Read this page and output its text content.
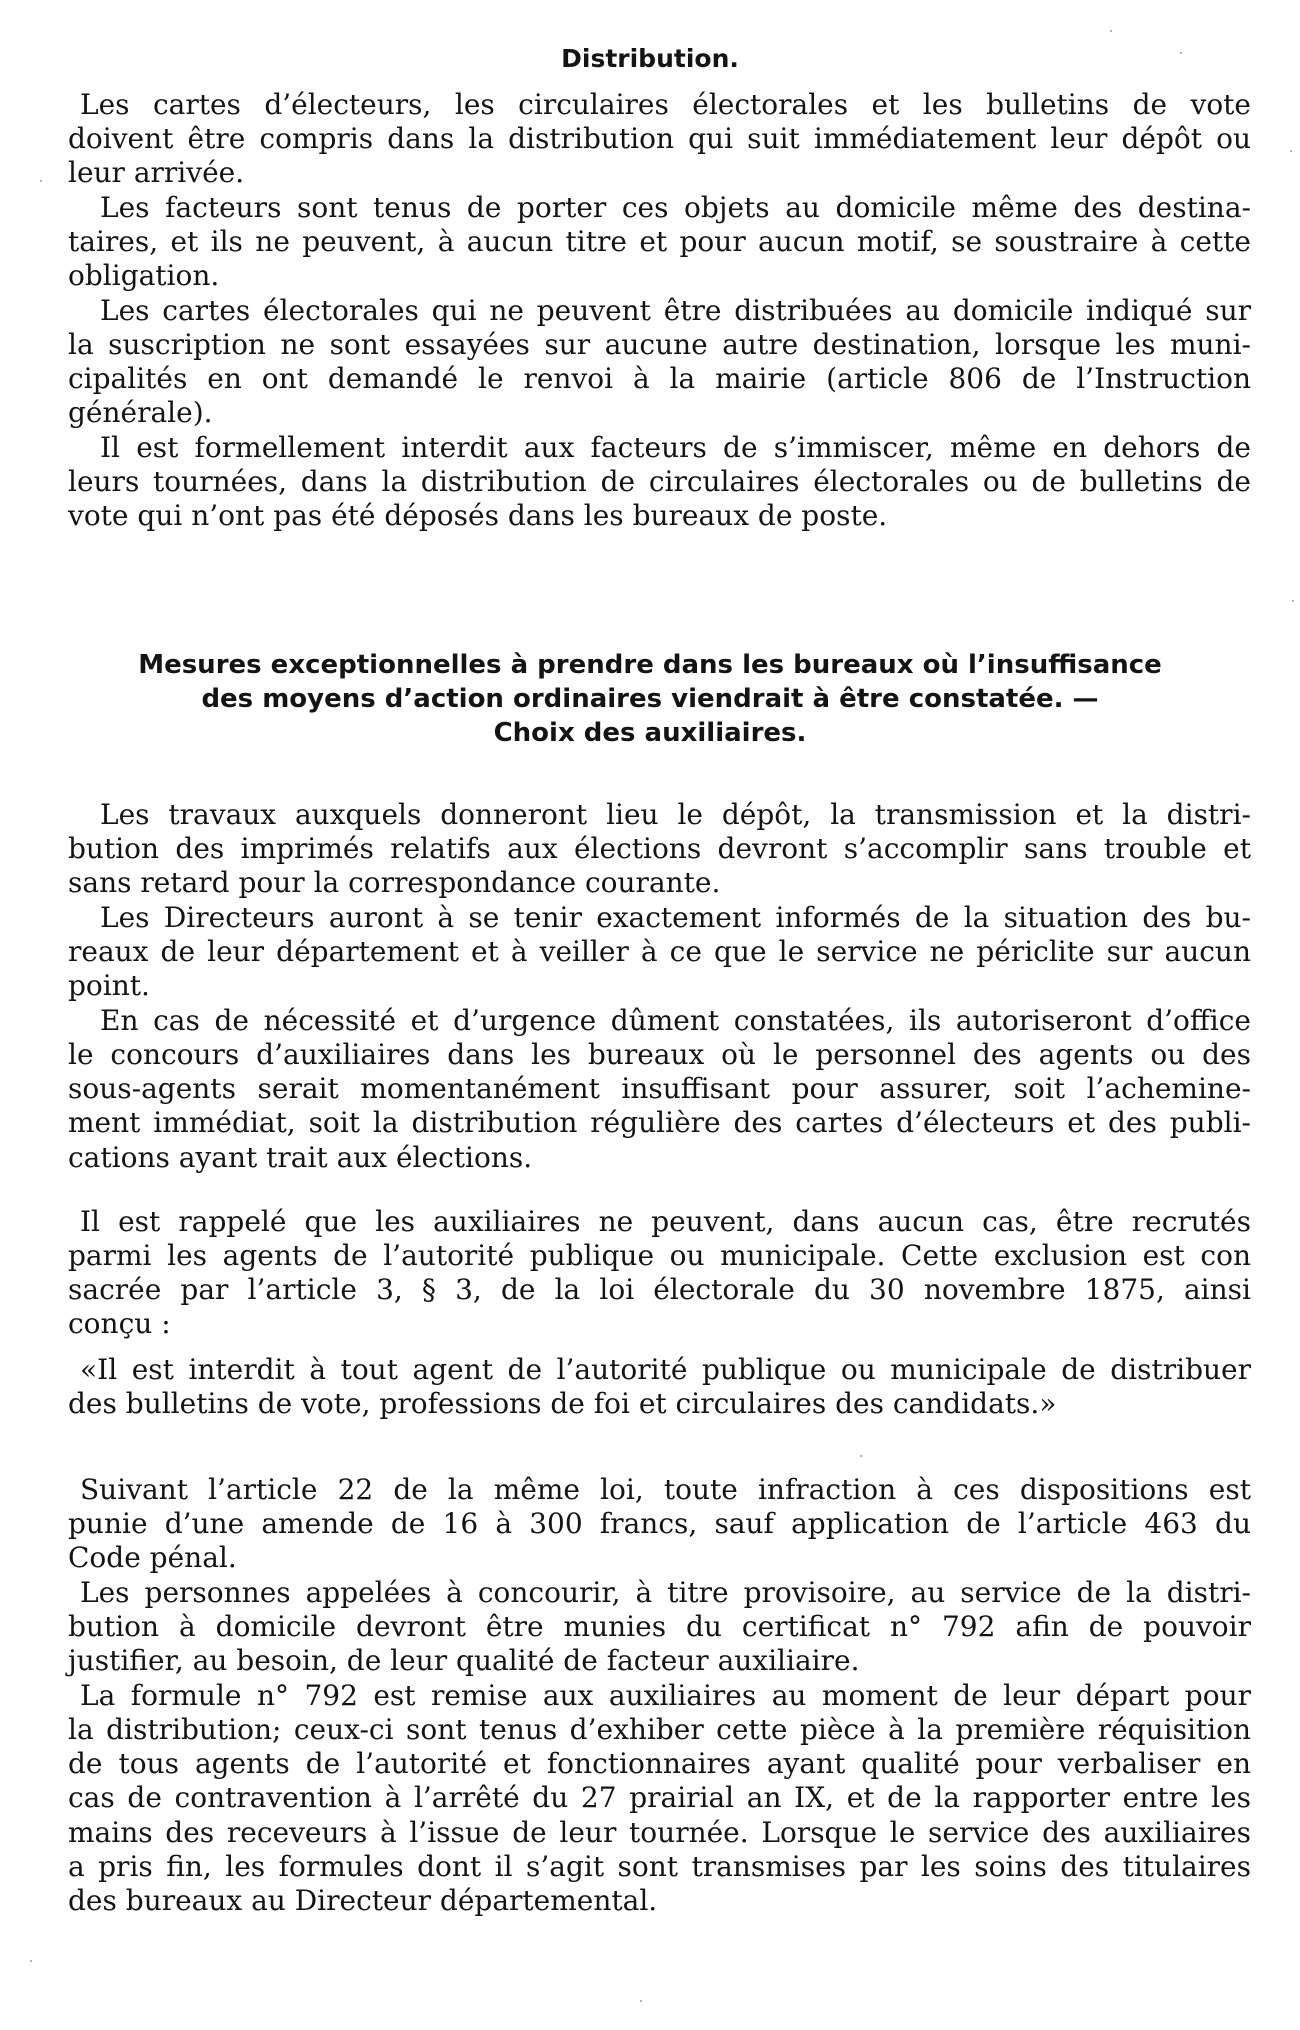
Distribution.
Les cartes d’électeurs, les circulaires électorales et les bulletins de vote
doivent être compris dans la distribution qui suit immédiatement leur dépôt ou
leur arrivée.
Les facteurs sont tenus de porter ces objets au domicile même des destina-
taires, et ils ne peuvent, à aucun titre et pour aucun motif, se soustraire à cette
obligation.
Les cartes électorales qui ne peuvent être distribuées au domicile indiqué sur
la suscription ne sont essayées sur aucune autre destination, lorsque les muni-
cipalités en ont demandé le renvoi à la mairie (article 806 de l’Instruction
générale).
Il est formellement interdit aux facteurs de s’immiscer, même en dehors de
leurs tournées, dans la distribution de circulaires électorales ou de bulletins de
vote qui n’ont pas été déposés dans les bureaux de poste.
Mesures exceptionnelles à prendre dans les bureaux où l’insuffisance
des moyens d’action ordinaires viendrait à être constatée. —
Choix des auxiliaires.
Les travaux auxquels donneront lieu le dépôt, la transmission et la distri-
bution des imprimés relatifs aux élections devront s’accomplir sans trouble et
sans retard pour la correspondance courante.
Les Directeurs auront à se tenir exactement informés de la situation des bu-
reaux de leur département et à veiller à ce que le service ne périclite sur aucun
point.
En cas de nécessité et d’urgence dûment constatées, ils autoriseront d’office
le concours d’auxiliaires dans les bureaux où le personnel des agents ou des
sous-agents serait momentanément insuffisant pour assurer, soit l’achemine-
ment immédiat, soit la distribution régulière des cartes d’électeurs et des publi-
cations ayant trait aux élections.
Il est rappelé que les auxiliaires ne peuvent, dans aucun cas, être recrutés
parmi les agents de l’autorité publique ou municipale. Cette exclusion est con
sacrée par l’article 3, § 3, de la loi électorale du 30 novembre 1875, ainsi
conçu :
«Il est interdit à tout agent de l’autorité publique ou municipale de distribuer
des bulletins de vote, professions de foi et circulaires des candidats.»
Suivant l’article 22 de la même loi, toute infraction à ces dispositions est
punie d’une amende de 16 à 300 francs, sauf application de l’article 463 du
Code pénal.
Les personnes appelées à concourir, à titre provisoire, au service de la distri-
bution à domicile devront être munies du certificat n° 792 afin de pouvoir
justifier, au besoin, de leur qualité de facteur auxiliaire.
La formule n° 792 est remise aux auxiliaires au moment de leur départ pour
la distribution; ceux-ci sont tenus d’exhiber cette pièce à la première réquisition
de tous agents de l’autorité et fonctionnaires ayant qualité pour verbaliser en
cas de contravention à l’arrêté du 27 prairial an IX, et de la rapporter entre les
mains des receveurs à l’issue de leur tournée. Lorsque le service des auxiliaires
a pris fin, les formules dont il s’agit sont transmises par les soins des titulaires
des bureaux au Directeur départemental.
